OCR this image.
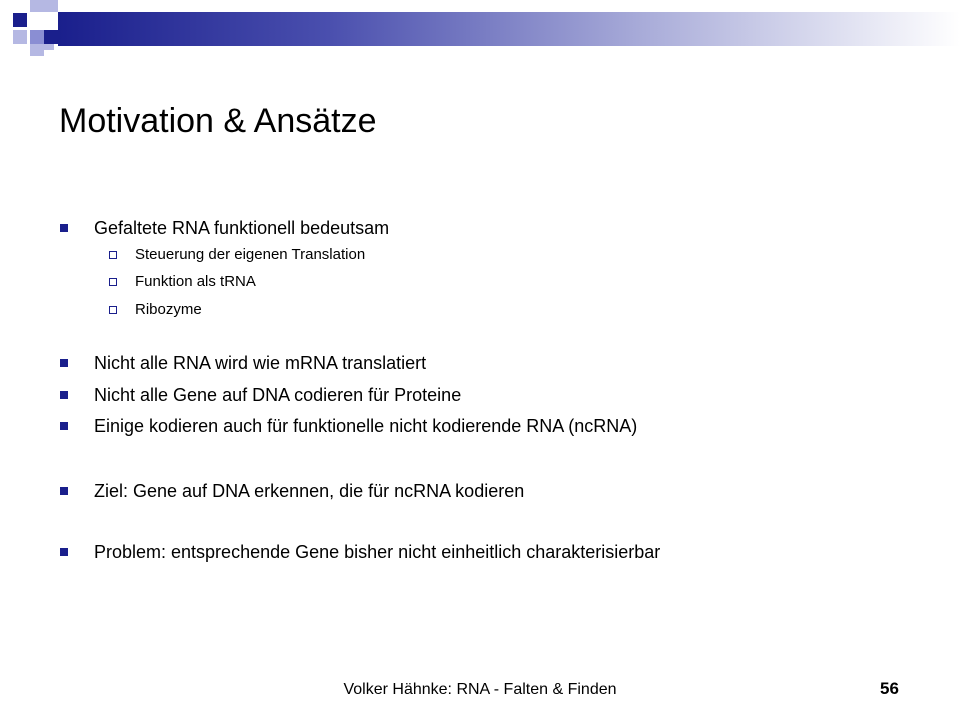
Motivation & Ansätze
Gefaltete RNA funktionell bedeutsam
Steuerung der eigenen Translation
Funktion als tRNA
Ribozyme
Nicht alle RNA wird wie mRNA translatiert
Nicht alle Gene auf DNA codieren für Proteine
Einige kodieren auch für funktionelle nicht kodierende RNA (ncRNA)
Ziel: Gene auf DNA erkennen, die für ncRNA kodieren
Problem: entsprechende Gene bisher nicht einheitlich charakterisierbar
Volker Hähnke: RNA - Falten & Finden	56
